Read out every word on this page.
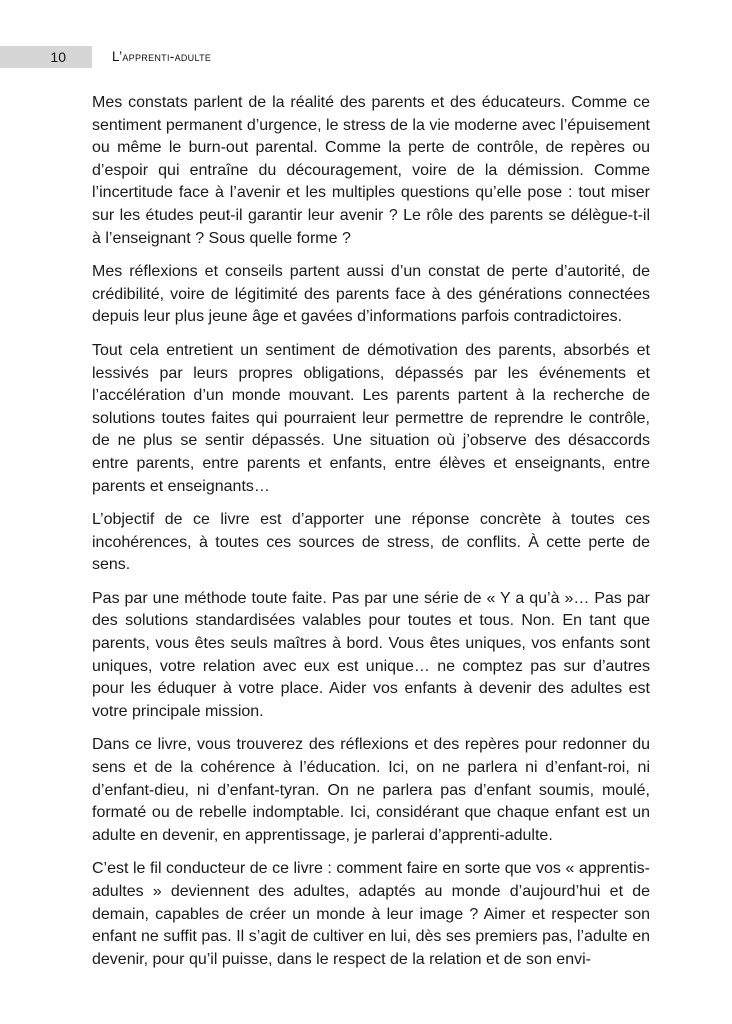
10	L’apprenti-adulte

Mes constats parlent de la réalité des parents et des éducateurs. Comme ce sentiment permanent d’urgence, le stress de la vie moderne avec l’épuisement ou même le burn-out parental. Comme la perte de contrôle, de repères ou d’espoir qui entraîne du découragement, voire de la démission. Comme l’incertitude face à l’avenir et les multiples questions qu’elle pose : tout miser sur les études peut-il garantir leur avenir ? Le rôle des parents se délègue-t-il à l’enseignant ? Sous quelle forme ?

Mes réflexions et conseils partent aussi d’un constat de perte d’autorité, de crédibilité, voire de légitimité des parents face à des générations connectées depuis leur plus jeune âge et gavées d’informations parfois contradictoires.

Tout cela entretient un sentiment de démotivation des parents, absorbés et lessivés par leurs propres obligations, dépassés par les événements et l’accélération d’un monde mouvant. Les parents partent à la recherche de solutions toutes faites qui pourraient leur permettre de reprendre le contrôle, de ne plus se sentir dépassés. Une situation où j’observe des désaccords entre parents, entre parents et enfants, entre élèves et enseignants, entre parents et enseignants…

L’objectif de ce livre est d’apporter une réponse concrète à toutes ces incohérences, à toutes ces sources de stress, de conflits. À cette perte de sens.

Pas par une méthode toute faite. Pas par une série de « Y a qu’à »… Pas par des solutions standardisées valables pour toutes et tous. Non. En tant que parents, vous êtes seuls maîtres à bord. Vous êtes uniques, vos enfants sont uniques, votre relation avec eux est unique… ne comptez pas sur d’autres pour les éduquer à votre place. Aider vos enfants à devenir des adultes est votre principale mission.

Dans ce livre, vous trouverez des réflexions et des repères pour redonner du sens et de la cohérence à l’éducation. Ici, on ne parlera ni d’enfant-roi, ni d’enfant-dieu, ni d’enfant-tyran. On ne parlera pas d’enfant soumis, moulé, formaté ou de rebelle indomptable. Ici, considérant que chaque enfant est un adulte en devenir, en apprentissage, je parlerai d’apprenti-adulte.

C’est le fil conducteur de ce livre : comment faire en sorte que vos « apprentis-adultes » deviennent des adultes, adaptés au monde d’aujourd’hui et de demain, capables de créer un monde à leur image ? Aimer et respecter son enfant ne suffit pas. Il s’agit de cultiver en lui, dès ses premiers pas, l’adulte en devenir, pour qu’il puisse, dans le respect de la relation et de son envi-
